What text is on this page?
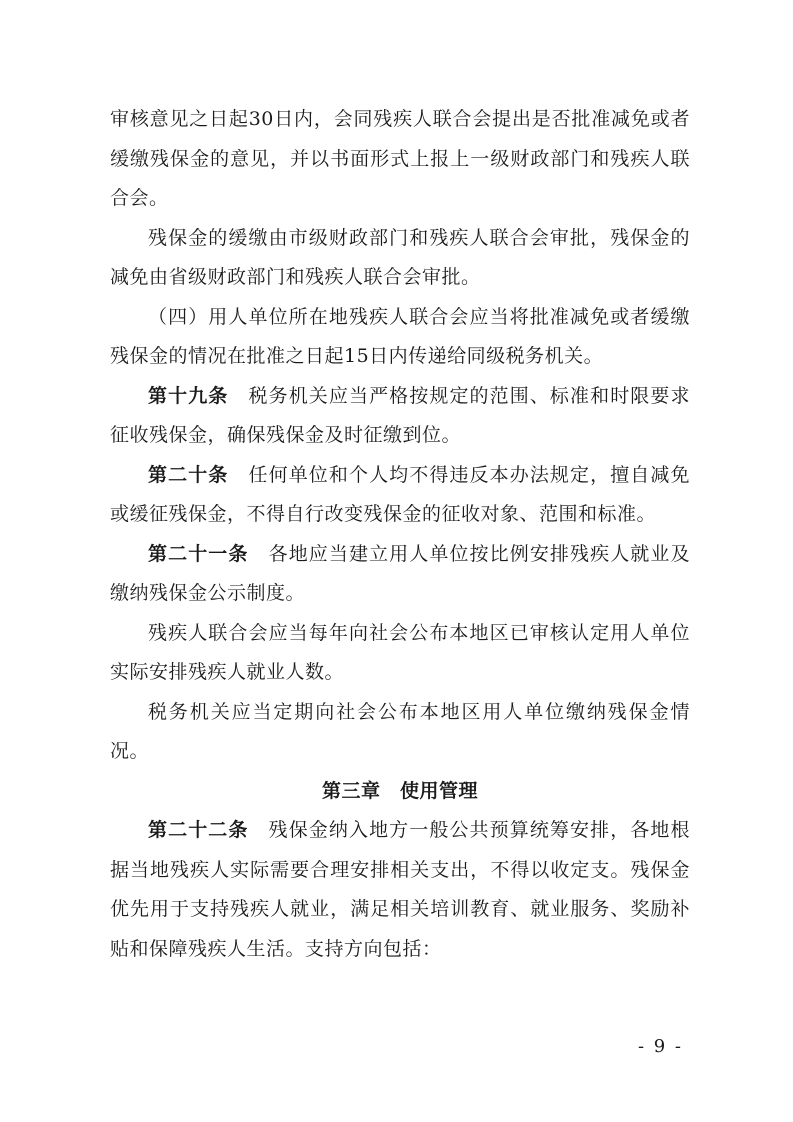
审核意见之日起30日内，会同残疾人联合会提出是否批准减免或者缓缴残保金的意见，并以书面形式上报上一级财政部门和残疾人联合会。

残保金的缓缴由市级财政部门和残疾人联合会审批，残保金的减免由省级财政部门和残疾人联合会审批。

（四）用人单位所在地残疾人联合会应当将批准减免或者缓缴残保金的情况在批准之日起15日内传递给同级税务机关。

第十九条　 税务机关应当严格按规定的范围、标准和时限要求征收残保金，确保残保金及时征缴到位。

第二十条　 任何单位和个人均不得违反本办法规定，擅自减免或缓征残保金，不得自行改变残保金的征收对象、范围和标准。

第二十一条　 各地应当建立用人单位按比例安排残疾人就业及缴纳残保金公示制度。

残疾人联合会应当每年向社会公布本地区已审核认定用人单位实际安排残疾人就业人数。

税务机关应当定期向社会公布本地区用人单位缴纳残保金情况。

第三章　使用管理

第二十二条　 残保金纳入地方一般公共预算统筹安排，各地根据当地残疾人实际需要合理安排相关支出，不得以收定支。残保金优先用于支持残疾人就业，满足相关培训教育、就业服务、奖励补贴和保障残疾人生活。支持方向包括：

- 9 -
